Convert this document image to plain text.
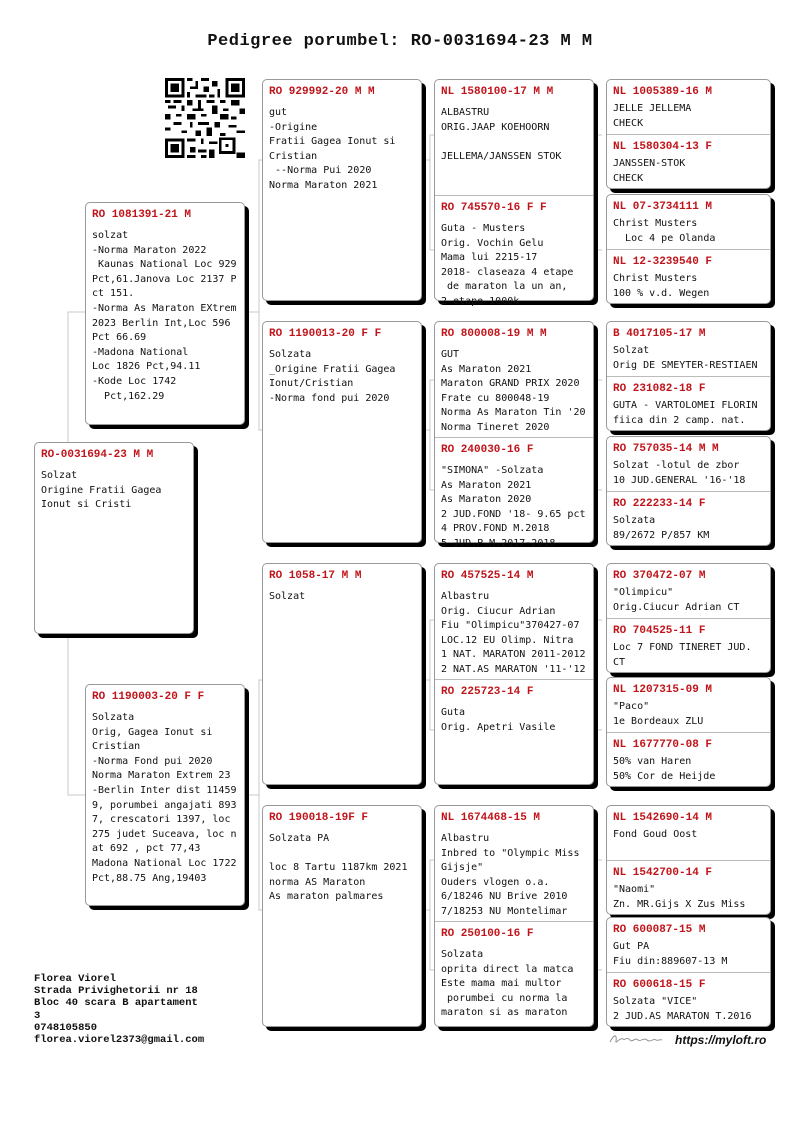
Pedigree porumbel: RO-0031694-23 M M
RO-0031694-23 M M
Solzat
Origine Fratii Gagea
Ionut si Cristi
RO 1081391-21 M
solzat
-Norma Maraton 2022
Kaunas National Loc 929
Pct,61.Janova Loc 2137 P
ct 151.
-Norma As Maraton EXtrem
2023 Berlin Int,Loc 596
Pct 66.69
-Madona National
Loc 1826 Pct,94.11
-Kode Loc 1742
Pct,162.29
RO 1190003-20 F F
Solzata
Orig, Gagea Ionut si
Cristian
-Norma Fond pui 2020
Norma Maraton Extrem 23
-Berlin Inter dist 11459
9, porumbei angajati 893
7, crescatori 1397, loc
275 judet Suceava, loc n
at 692 , pct 77,43
Madona National Loc 1722
Pct,88.75 Ang,19403
RO 929992-20 M M
gut
-Origine
Fratii Gagea Ionut si
Cristian
--Norma Pui 2020
Norma Maraton 2021
RO 1190013-20 F F
Solzata
_Origine Fratii Gagea
Ionut/Cristian
-Norma fond pui 2020
RO 1058-17 M M
Solzat
RO 190018-19F F
Solzata PA

loc 8 Tartu 1187km 2021
norma AS Maraton
As maraton palmares
NL 1580100-17 M M
ALBASTRU
ORIG.JAAP KOEHOORN

JELLEMA/JANSSEN STOK
RO 745570-16 F F
Guta - Musters
Orig. Vochin Gelu
Mama lui 2215-17
2018- claseaza 4 etape
de maraton la un an,
2 etape 1000k
RO 800008-19 M M
GUT
As Maraton 2021
Maraton GRAND PRIX 2020
Frate cu 800048-19
Norma As Maraton Tin '20
Norma Tineret 2020
RO 240030-16 F
"SIMONA" -Solzata
As Maraton 2021
As Maraton 2020
2 JUD.FOND '18- 9.65 pct
4 PROV.FOND M.2018
5 JUD.P.M.2017-2018
RO 457525-14 M
Albastru
Orig. Ciucur Adrian
Fiu "Olimpicu"370427-07
LOC.12 EU Olimp. Nitra
1 NAT. MARATON 2011-2012
2 NAT.AS MARATON '11-'12
RO 225723-14 F
Guta
Orig. Apetri Vasile
NL 1674468-15 M
Albastru
Inbred to "Olympic Miss
Gijsje"
Ouders vlogen o.a.
6/18246 NU Brive 2010
7/18253 NU Montelimar
RO 250100-16 F
Solzata
oprita direct la matca
Este mama mai multor
porumbei cu norma la
maraton si as maraton
NL 1005389-16 M
JELLE JELLEMA
CHECK
NL 1580304-13 F
JANSSEN-STOK
CHECK
NL 07-3734111 M
Christ Musters
Loc 4 pe Olanda
NL 12-3239540 F
Christ Musters
100 % v.d. Wegen
B 4017105-17 M
Solzat
Orig DE SMEYTER-RESTIAEN
RO 231082-18 F
GUTA - VARTOLOMEI FLORIN
fiica din 2 camp. nat.
RO 757035-14 M M
Solzat -lotul de zbor
10 JUD.GENERAL '16-'18
RO 222233-14 F
Solzata
89/2672 P/857 KM
RO 370472-07 M
"Olimpicu"
Orig.Ciucur Adrian CT
RO 704525-11 F
Loc 7 FOND TINERET JUD.
CT
NL 1207315-09 M
"Paco"
1e Bordeaux ZLU
NL 1677770-08 F
50% van Haren
50% Cor de Heijde
NL 1542690-14 M
Fond Goud Oost
NL 1542700-14 F
"Naomi"
Zn. MR.Gijs X Zus Miss
RO 600087-15 M
Gut PA
Fiu din:889607-13 M
RO 600618-15 F
Solzata "VICE"
2 JUD.AS MARATON T.2016
Florea Viorel
Strada Privighetorii nr 18
Bloc 40 scara B apartament
3
0748105850
florea.viorel2373@gmail.com	https://myloft.ro
